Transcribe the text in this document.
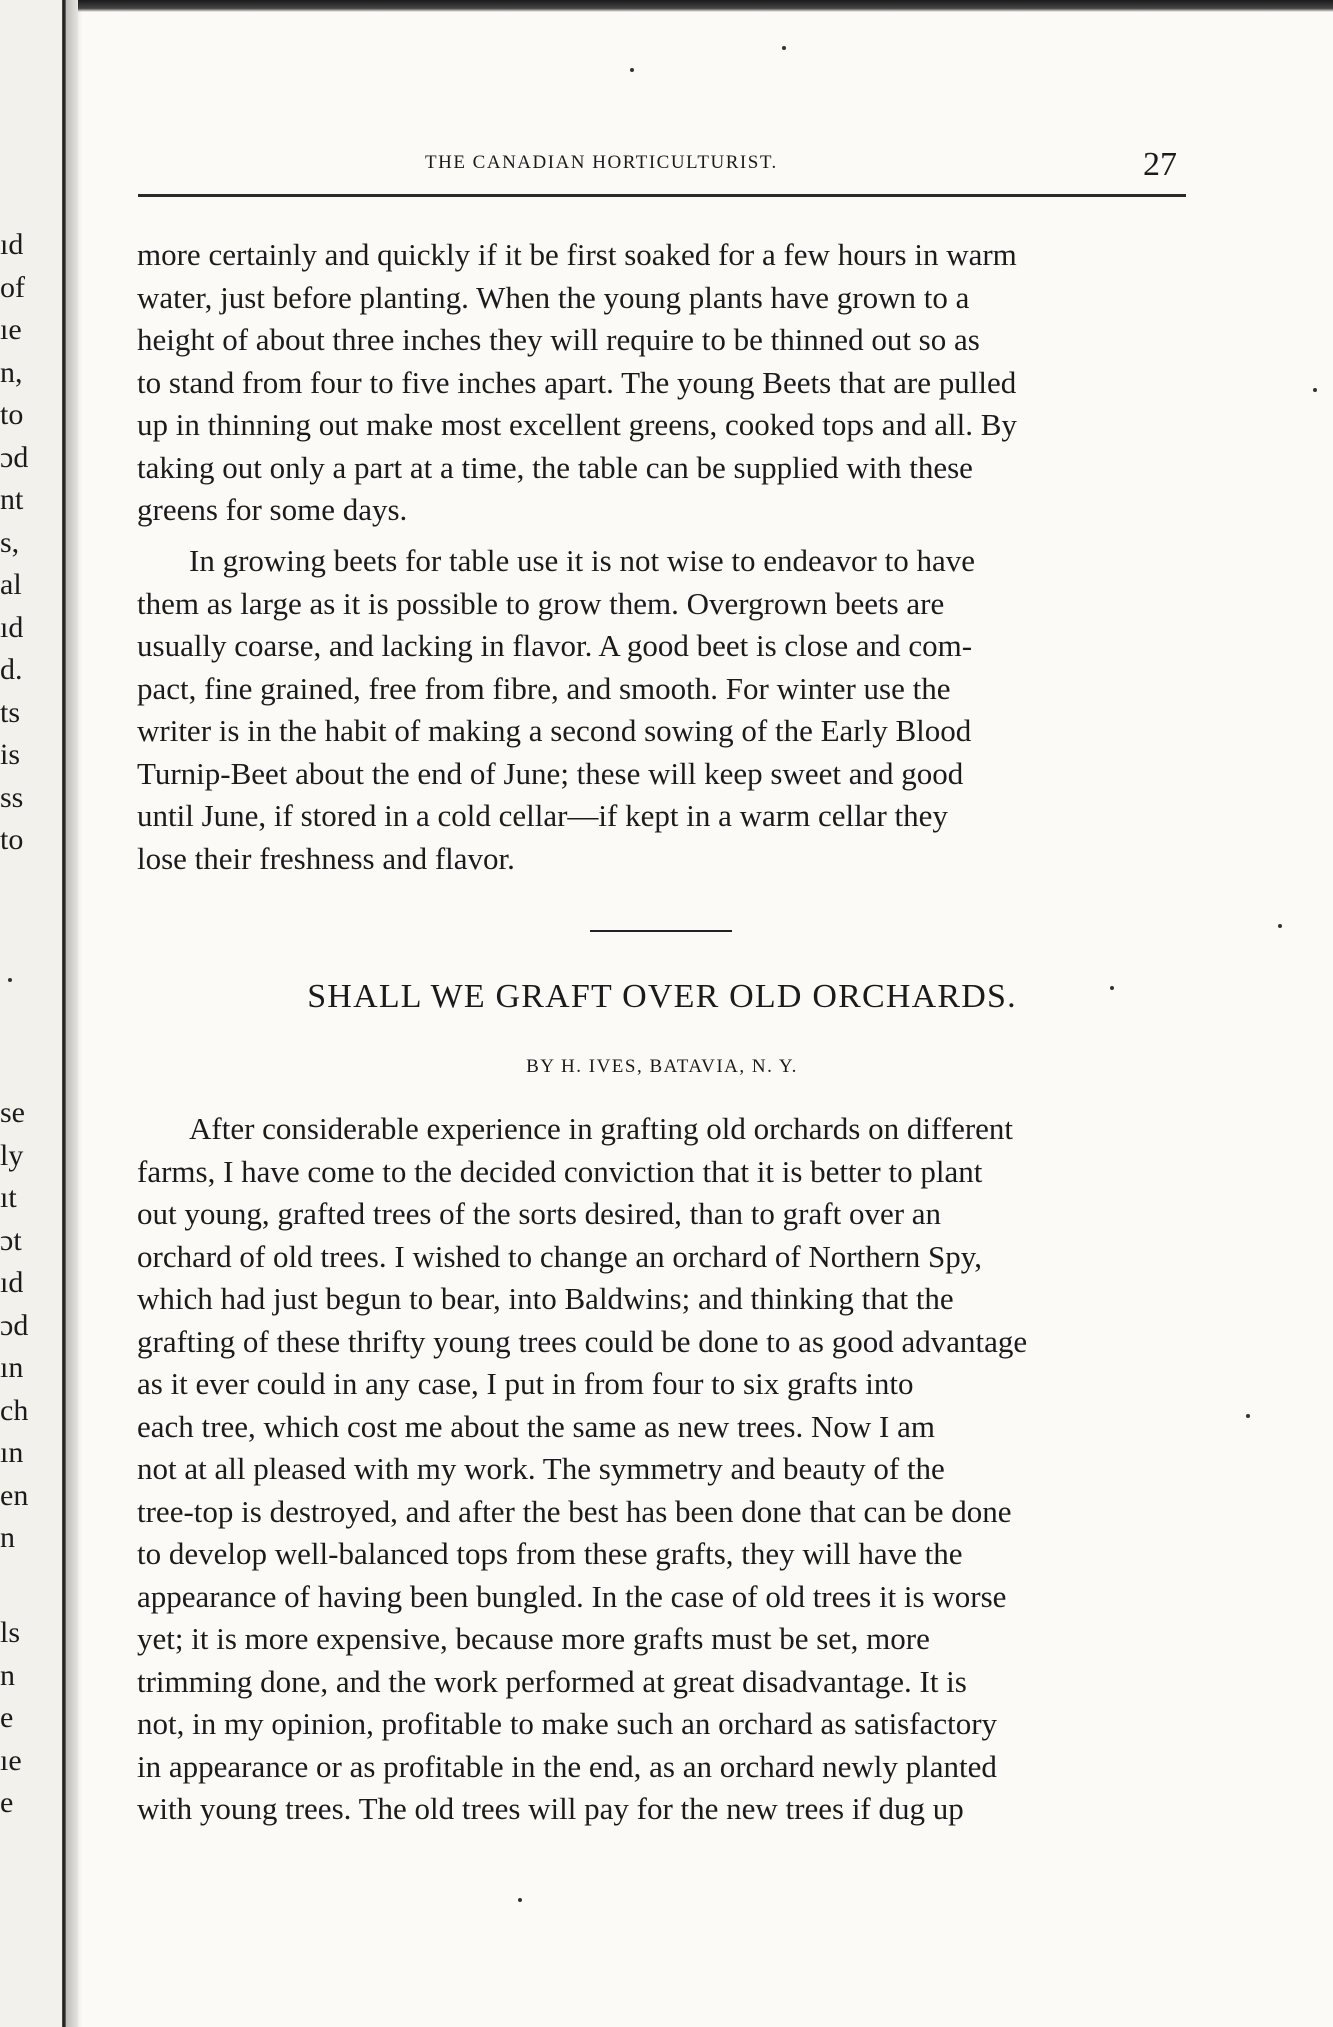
ıd
of
ıe
n,
to
ɔd
nt
s,
al
ıd
d.
ts
is
ss
to
se
ly
ıt
ɔt
ıd
ɔd
ın
ch
ın
en
n
ls
n
e
ıe
e
THE CANADIAN HORTICULTURIST.	27

more certainly and quickly if it be first soaked for a few hours in warm
water, just before planting. When the young plants have grown to a
height of about three inches they will require to be thinned out so as
to stand from four to five inches apart. The young Beets that are pulled
up in thinning out make most excellent greens, cooked tops and all. By
taking out only a part at a time, the table can be supplied with these
greens for some days.

In growing beets for table use it is not wise to endeavor to have
them as large as it is possible to grow them. Overgrown beets are
usually coarse, and lacking in flavor. A good beet is close and com-
pact, fine grained, free from fibre, and smooth. For winter use the
writer is in the habit of making a second sowing of the Early Blood
Turnip-Beet about the end of June; these will keep sweet and good
until June, if stored in a cold cellar—if kept in a warm cellar they
lose their freshness and flavor.

SHALL WE GRAFT OVER OLD ORCHARDS.
BY H. IVES, BATAVIA, N. Y.

After considerable experience in grafting old orchards on different
farms, I have come to the decided conviction that it is better to plant
out young, grafted trees of the sorts desired, than to graft over an
orchard of old trees. I wished to change an orchard of Northern Spy,
which had just begun to bear, into Baldwins; and thinking that the
grafting of these thrifty young trees could be done to as good advantage
as it ever could in any case, I put in from four to six grafts into
each tree, which cost me about the same as new trees. Now I am
not at all pleased with my work. The symmetry and beauty of the
tree-top is destroyed, and after the best has been done that can be done
to develop well-balanced tops from these grafts, they will have the
appearance of having been bungled. In the case of old trees it is worse
yet; it is more expensive, because more grafts must be set, more
trimming done, and the work performed at great disadvantage. It is
not, in my opinion, profitable to make such an orchard as satisfactory
in appearance or as profitable in the end, as an orchard newly planted
with young trees. The old trees will pay for the new trees if dug up
